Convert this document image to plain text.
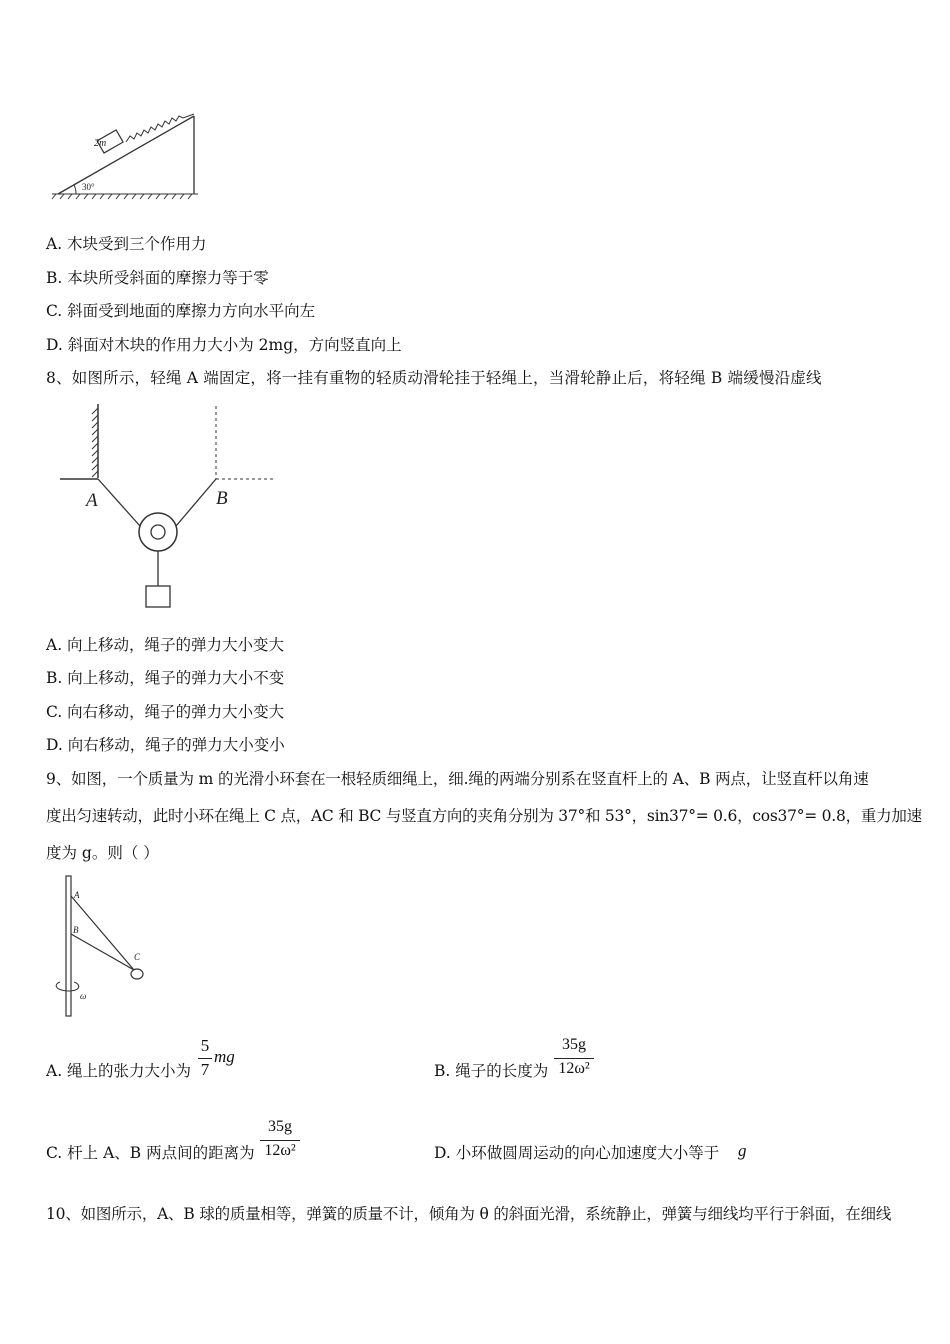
30°
2m
A. 木块受到三个作用力
B. 本块所受斜面的摩擦力等于零
C. 斜面受到地面的摩擦力方向水平向左
D. 斜面对木块的作用力大小为 2mg，方向竖直向上
8、如图所示，轻绳 A 端固定，将一挂有重物的轻质动滑轮挂于轻绳上，当滑轮静止后，将轻绳 B 端缓慢沿虚线
A	B
A. 向上移动，绳子的弹力大小变大
B. 向上移动，绳子的弹力大小不变
C. 向右移动，绳子的弹力大小变大
D. 向右移动，绳子的弹力大小变小
9、如图，一个质量为 m 的光滑小环套在一根轻质细绳上，细.绳的两端分别系在竖直杆上的 A、B 两点，让竖直杆以角速
度出匀速转动，此时小环在绳上 C 点，AC 和 BC 与竖直方向的夹角分别为 37°和 53°，sin37°= 0.6，cos37°= 0.8，重力加速
度为 g。则（ ）
A
B
C
ω
A. 绳上的张力大小为
5
7
mg
B. 绳子的长度为
35g
12ω²
C. 杆上 A、B 两点间的距离为
35g
12ω²	D. 小环做圆周运动的向心加速度大小等于 g
10、如图所示，A、B 球的质量相等，弹簧的质量不计，倾角为 θ 的斜面光滑，系统静止，弹簧与细线均平行于斜面，在细线
